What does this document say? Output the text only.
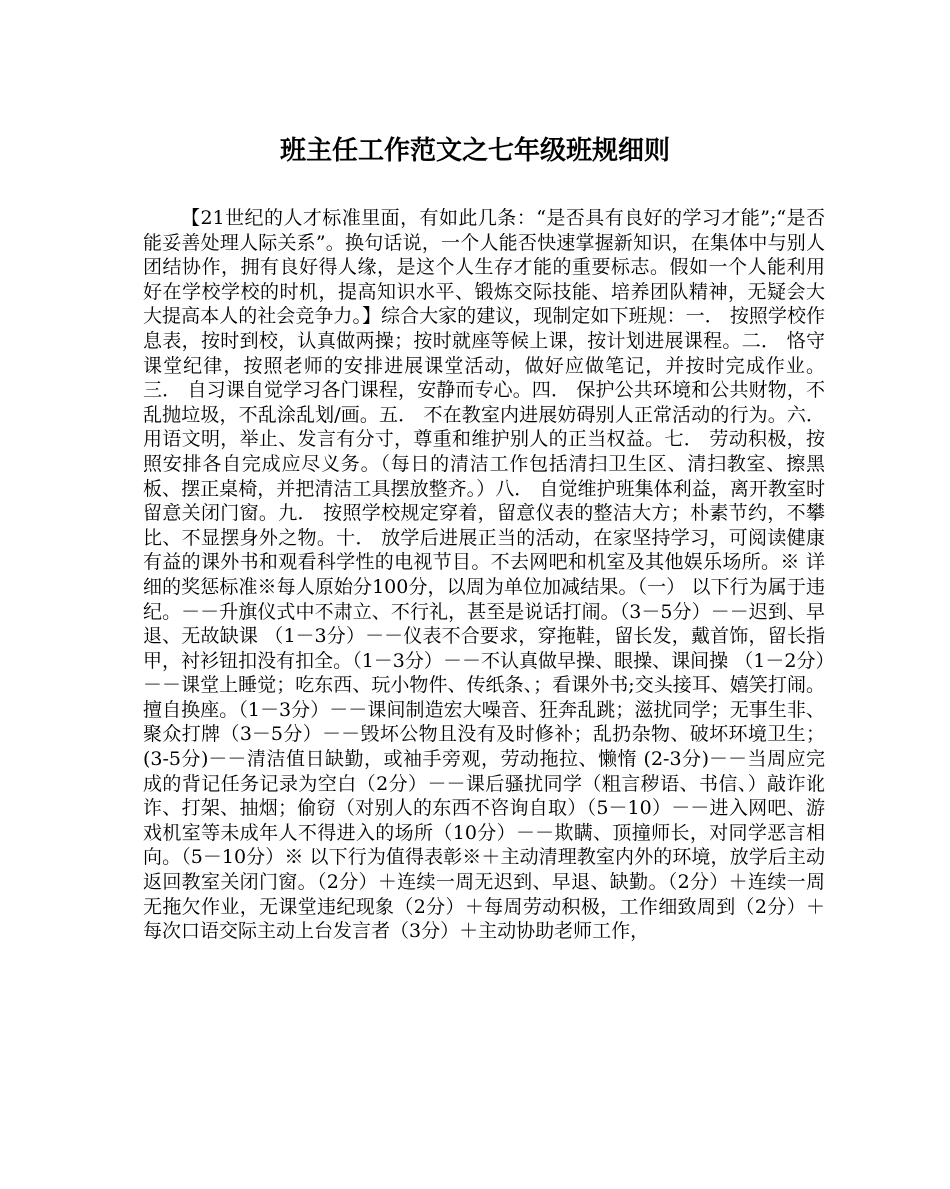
班主任工作范文之七年级班规细则

【21世纪的人才标准里面，有如此几条：“是否具有良好的学习才能”;“是否能妥善处理人际关系”。换句话说，一个人能否快速掌握新知识，在集体中与别人团结协作，拥有良好得人缘，是这个人生存才能的重要标志。假如一个人能利用好在学校学校的时机，提高知识水平、锻炼交际技能、培养团队精神，无疑会大大提高本人的社会竞争力。】综合大家的建议，现制定如下班规：一． 按照学校作息表，按时到校，认真做两操；按时就座等候上课，按计划进展课程。二． 恪守课堂纪律，按照老师的安排进展课堂活动，做好应做笔记，并按时完成作业。三． 自习课自觉学习各门课程，安静而专心。四． 保护公共环境和公共财物，不乱抛垃圾，不乱涂乱划/画。五． 不在教室内进展妨碍别人正常活动的行为。六． 用语文明，举止、发言有分寸，尊重和维护别人的正当权益。七． 劳动积极，按照安排各自完成应尽义务。（每日的清洁工作包括清扫卫生区、清扫教室、擦黑板、摆正桌椅，并把清洁工具摆放整齐。）八． 自觉维护班集体利益，离开教室时留意关闭门窗。九． 按照学校规定穿着，留意仪表的整洁大方；朴素节约，不攀比、不显摆身外之物。十． 放学后进展正当的活动，在家坚持学习，可阅读健康有益的课外书和观看科学性的电视节目。不去网吧和机室及其他娱乐场所。※ 详细的奖惩标准※每人原始分100分，以周为单位加减结果。（一） 以下行为属于违纪。－－升旗仪式中不肃立、不行礼，甚至是说话打闹。（3－5分）－－迟到、早退、无故缺课 （1－3分）－－仪表不合要求，穿拖鞋，留长发，戴首饰，留长指甲，衬衫钮扣没有扣全。（1－3分）－－不认真做早操、眼操、课间操 （1－2分）－－课堂上睡觉；吃东西、玩小物件、传纸条、；看课外书;交头接耳、嬉笑打闹。擅自换座。（1－3分）－－课间制造宏大噪音、狂奔乱跳；滋扰同学；无事生非、聚众打牌（3－5分）－－毁坏公物且没有及时修补；乱扔杂物、破坏环境卫生； (3-5分)－－清洁值日缺勤，或袖手旁观，劳动拖拉、懒惰 (2-3分)－－当周应完成的背记任务记录为空白（2分）－－课后骚扰同学（粗言秽语、书信、）敲诈讹诈、打架、抽烟；偷窃（对别人的东西不咨询自取）（5－10）－－进入网吧、游戏机室等未成年人不得进入的场所（10分）－－欺瞒、顶撞师长，对同学恶言相向。（5－10分）※ 以下行为值得表彰※＋主动清理教室内外的环境，放学后主动返回教室关闭门窗。（2分）＋连续一周无迟到、早退、缺勤。（2分）＋连续一周无拖欠作业，无课堂违纪现象（2分）＋每周劳动积极，工作细致周到（2分）＋每次口语交际主动上台发言者（3分）＋主动协助老师工作，
